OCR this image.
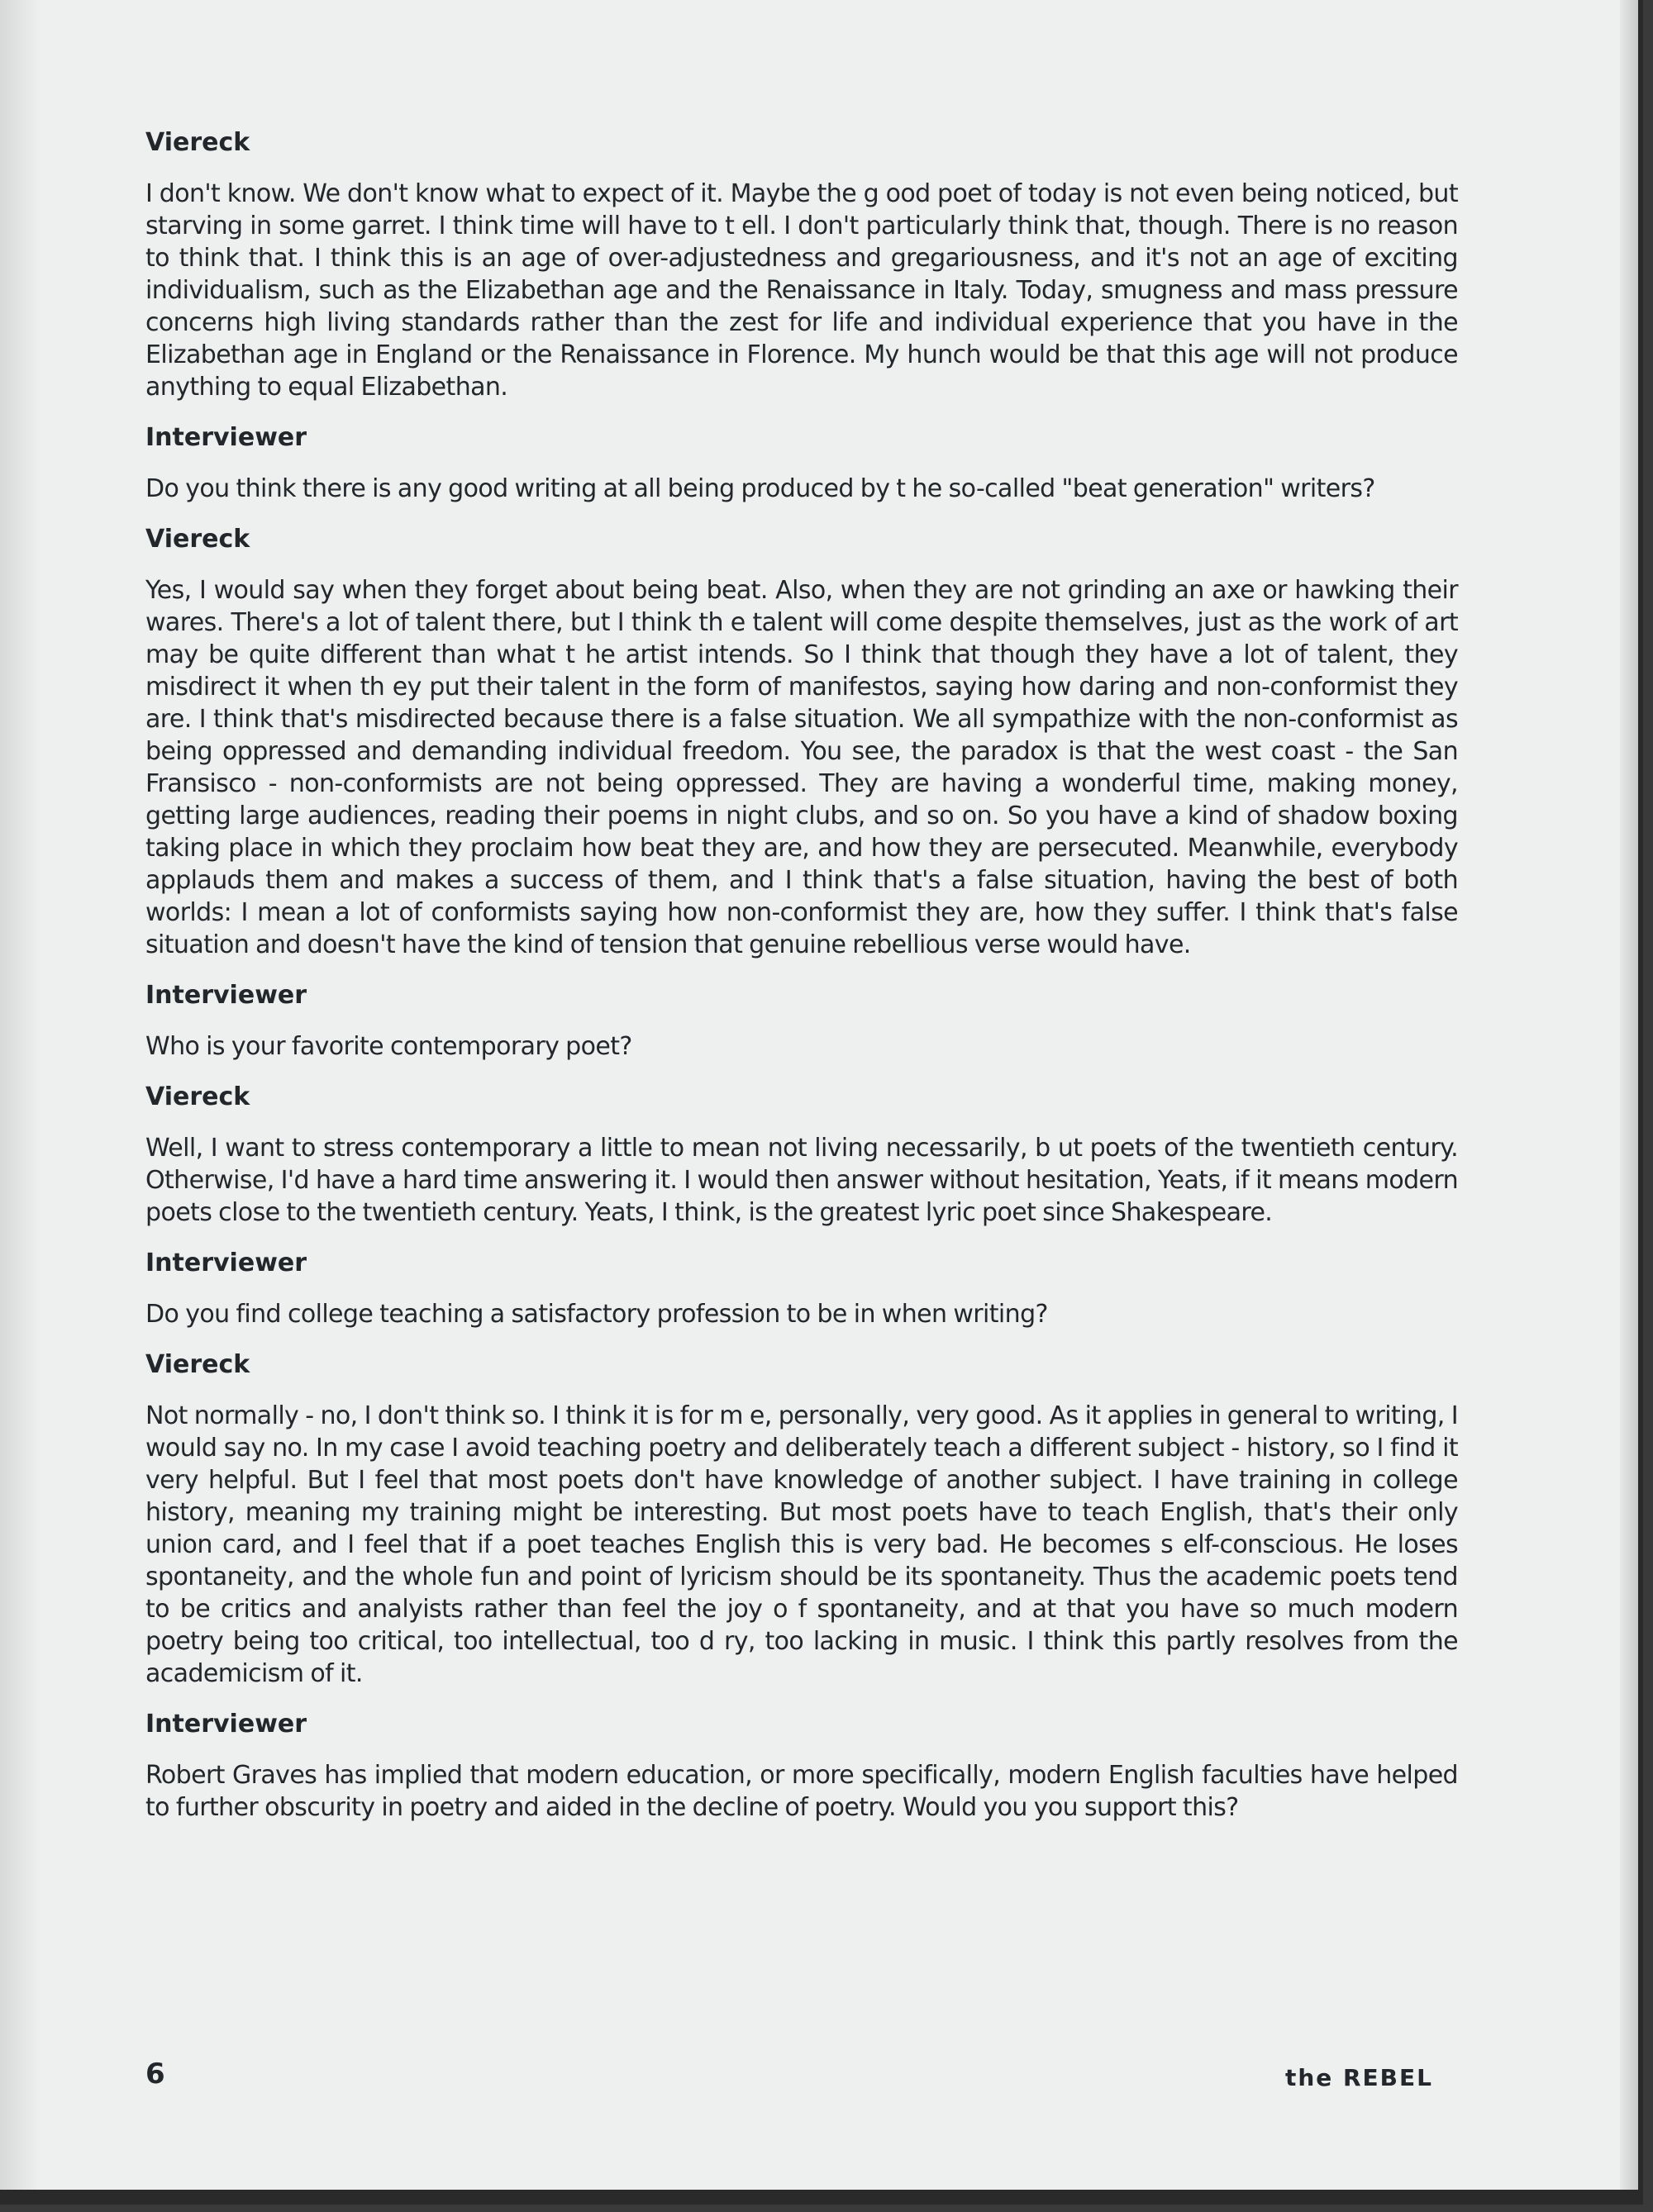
Viereck

I don't know. We don't know what to expect of it. Maybe the g ood poet of today is not even being noticed, but starving in some garret. I think time will have to t ell. I don't particularly think that, though. There is no reason to think that. I think this is an age of over-adjustedness and gregariousness, and it's not an age of exciting individualism, such as the Elizabethan age and the Renaissance in Italy. Today, smugness and mass pressure concerns high living standards rather than the zest for life and individual experience that you have in the Elizabethan age in England or the Renaissance in Florence. My hunch would be that this age will not produce anything to equal Elizabethan.

Interviewer

Do you think there is any good writing at all being produced by t he so-called "beat generation" writers?

Viereck

Yes, I would say when they forget about being beat. Also, when they are not grinding an axe or hawking their wares. There's a lot of talent there, but I think th e talent will come despite themselves, just as the work of art may be quite different than what t he artist intends. So I think that though they have a lot of talent, they misdirect it when th ey put their talent in the form of manifestos, saying how daring and non-conformist they are. I think that's misdirected because there is a false situation. We all sympathize with the non-conformist as being oppressed and demanding individual freedom. You see, the paradox is that the west coast - the San Fransisco - non-conformists are not being oppressed. They are having a wonderful time, making money, getting large audiences, reading their poems in night clubs, and so on. So you have a kind of shadow boxing taking place in which they proclaim how beat they are, and how they are persecuted. Meanwhile, everybody applauds them and makes a success of them, and I think that's a false situation, having the best of both worlds: I mean a lot of conformists saying how non-conformist they are, how they suffer. I think that's false situation and doesn't have the kind of tension that genuine rebellious verse would have.

Interviewer

Who is your favorite contemporary poet?

Viereck

Well, I want to stress contemporary a little to mean not living necessarily, b ut poets of the twentieth century. Otherwise, I'd have a hard time answering it. I would then answer without hesitation, Yeats, if it means modern poets close to the twentieth century. Yeats, I think, is the greatest lyric poet since Shakespeare.

Interviewer

Do you find college teaching a satisfactory profession to be in when writing?

Viereck

Not normally - no, I don't think so. I think it is for m e, personally, very good. As it applies in general to writing, I would say no. In my case I avoid teaching poetry and deliberately teach a different subject - history, so I find it very helpful. But I feel that most poets don't have knowledge of another subject. I have training in college history, meaning my training might be interesting. But most poets have to teach English, that's their only union card, and I feel that if a poet teaches English this is very bad. He becomes s elf-conscious. He loses spontaneity, and the whole fun and point of lyricism should be its spontaneity. Thus the academic poets tend to be critics and analyists rather than feel the joy o f spontaneity, and at that you have so much modern poetry being too critical, too intellectual, too d ry, too lacking in music. I think this partly resolves from the academicism of it.

Interviewer

Robert Graves has implied that modern education, or more specifically, modern English faculties have helped to further obscurity in poetry and aided in the decline of poetry. Would you you support this?

6	the REBEL
